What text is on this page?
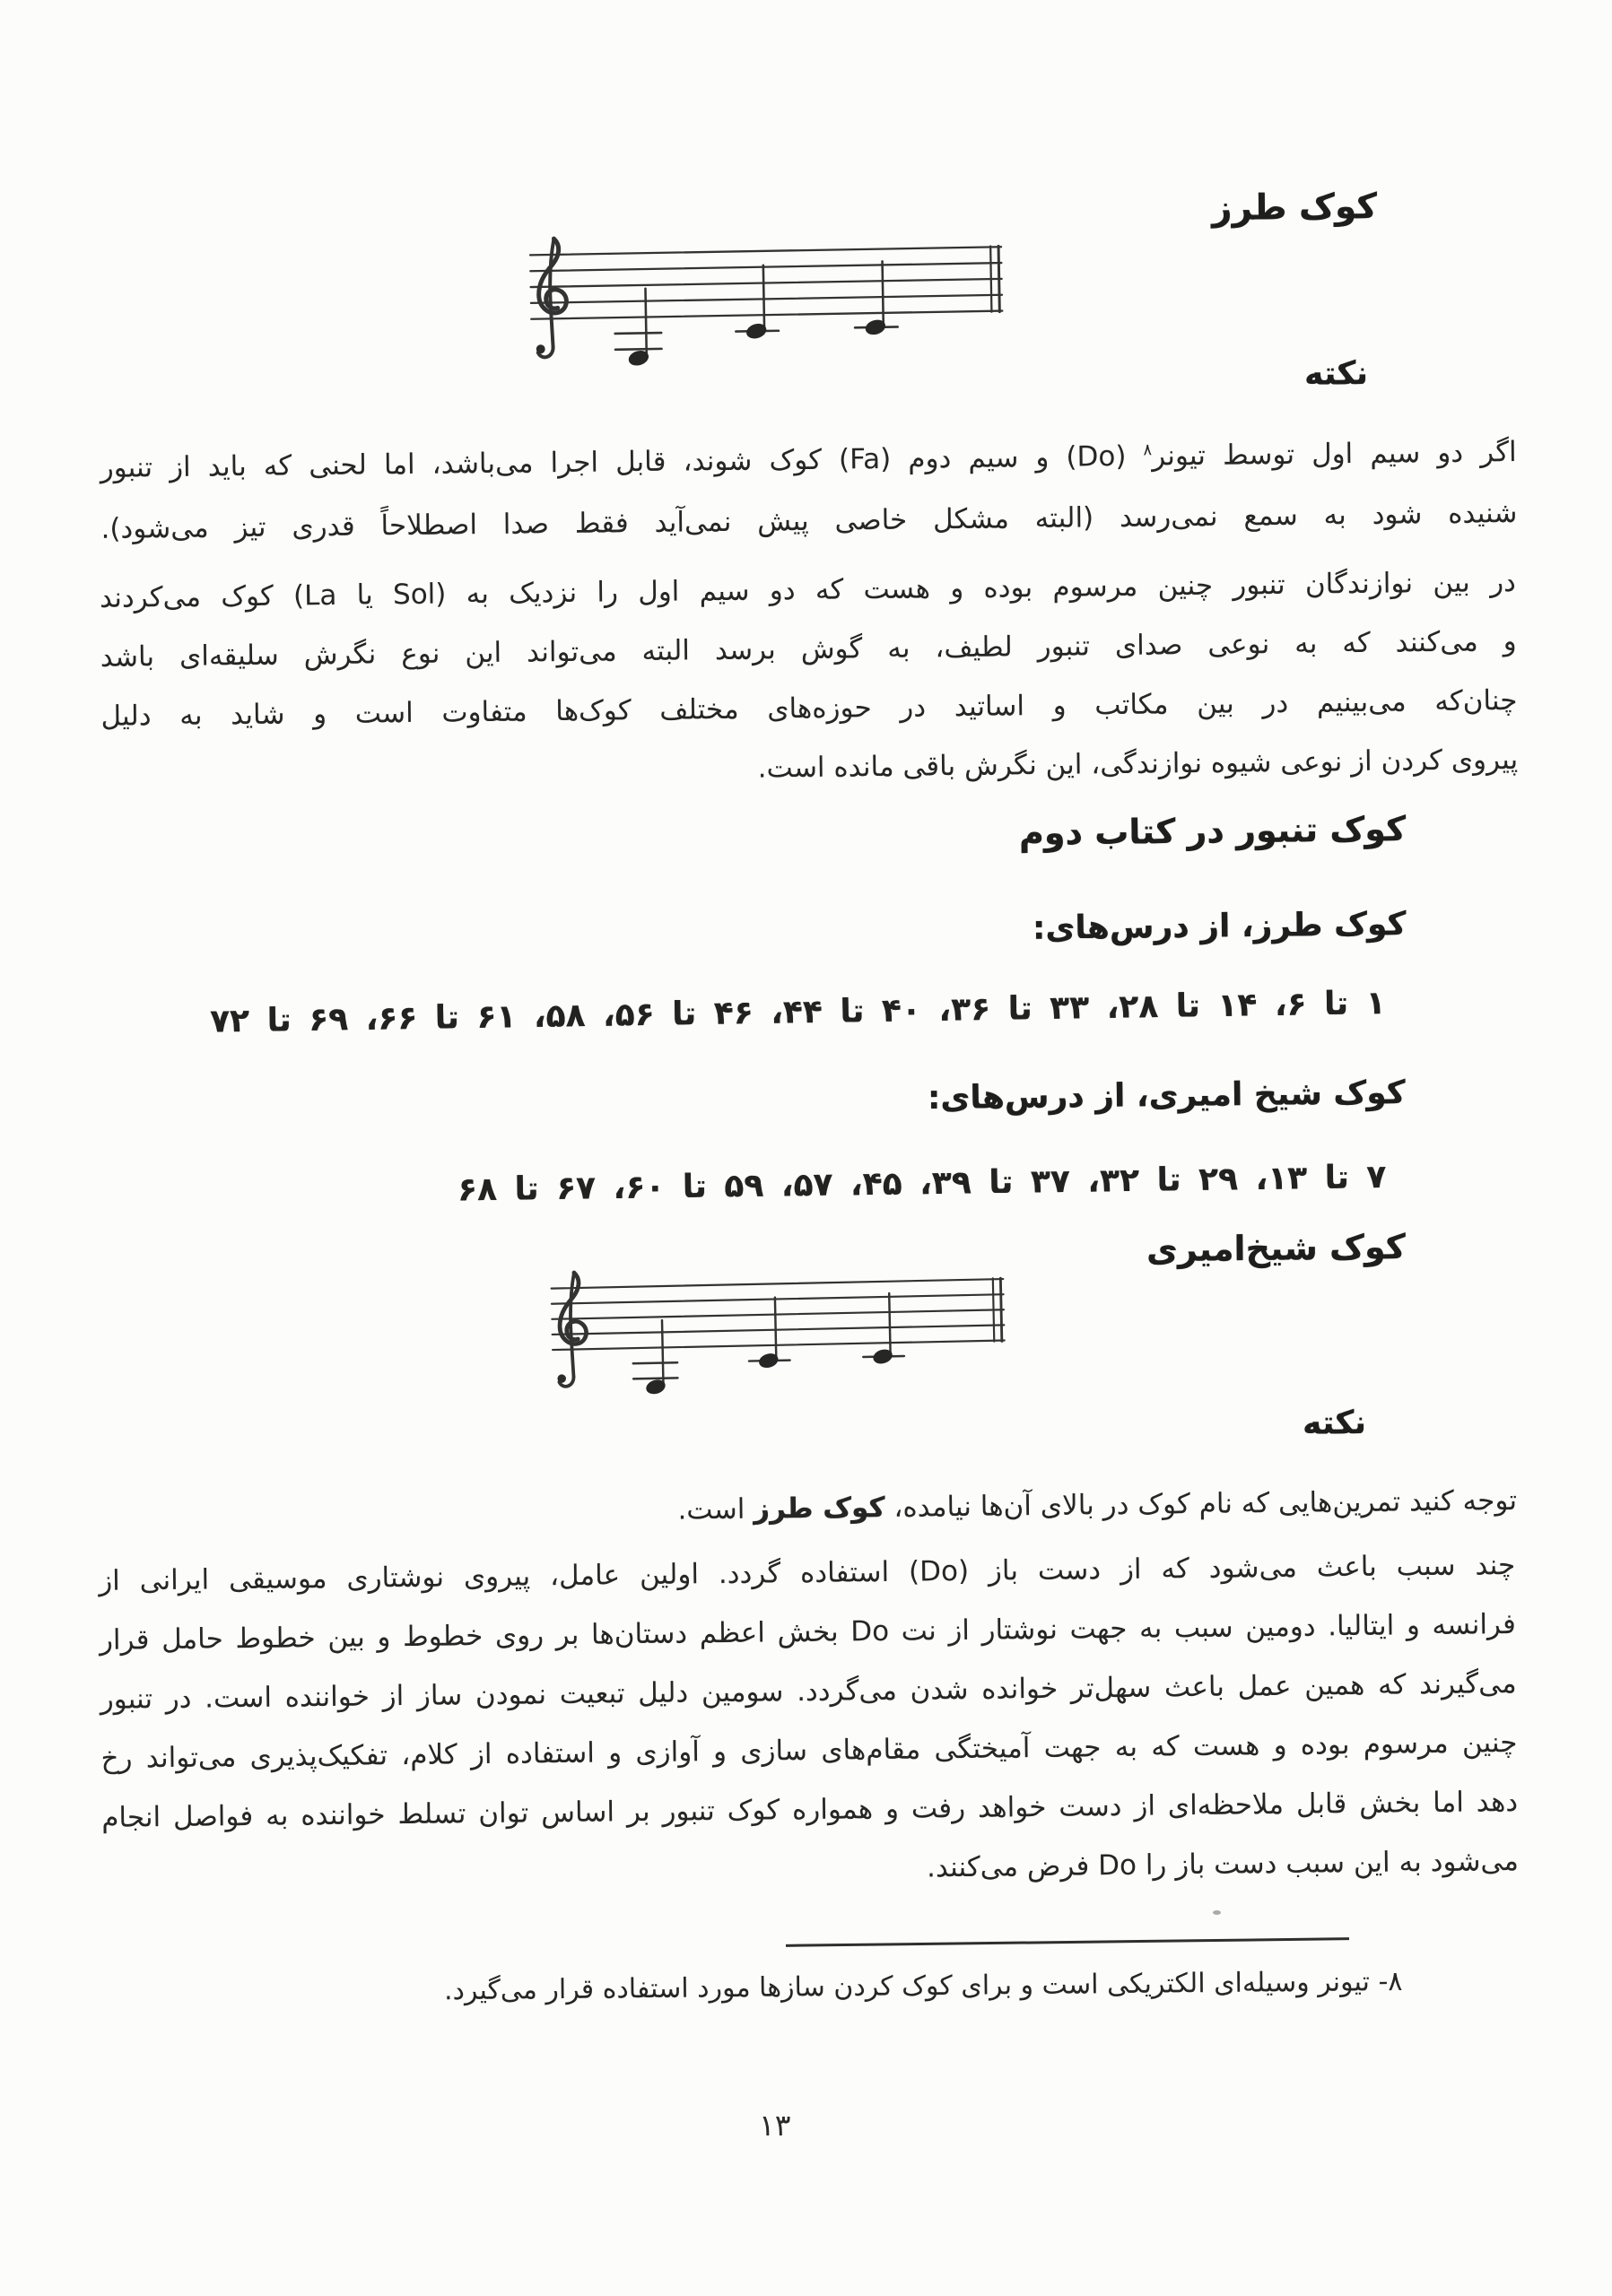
کوک طرز
نکته
اگر دو سیم اول توسط تیونر$^۸$ (Do) و سیم دوم (Fa) کوک شوند، قابل اجرا می‌باشد، اما لحنی که باید از تنبور
شنیده شود به سمع نمی‌رسد (البته مشکل خاصی پیش نمی‌آید فقط صدا اصطلاحاً قدری تیز می‌شود).
در بین نوازندگان تنبور چنین مرسوم بوده و هست که دو سیم اول را نزدیک به (Sol یا La) کوک می‌کردند
و می‌کنند که به نوعی صدای تنبور لطیف، به گوش برسد البته می‌تواند این نوع نگرش سلیقه‌ای باشد
چنان‌که می‌بینیم در بین مکاتب و اساتید در حوزه‌های مختلف کوک‌ها متفاوت است و شاید به دلیل
پیروی کردن از نوعی شیوه نوازندگی، این نگرش باقی مانده است.
کوک تنبور در کتاب دوم
کوک طرز، از درس‌های:
۱ تا ۶، ۱۴ تا ۲۸، ۳۳ تا ۳۶، ۴۰ تا ۴۴، ۴۶ تا ۵۶، ۵۸، ۶۱ تا ۶۶، ۶۹ تا ۷۲
کوک شیخ امیری، از درس‌های:
۷ تا ۱۳، ۲۹ تا ۳۲، ۳۷ تا ۳۹، ۴۵، ۵۷، ۵۹ تا ۶۰، ۶۷ تا ۶۸
کوک شیخ‌امیری
نکته
توجه کنید تمرین‌هایی که نام کوک در بالای آن‌ها نیامده، کوک طرز است.
چند سبب باعث می‌شود که از دست باز (Do) استفاده گردد. اولین عامل، پیروی نوشتاری موسیقی ایرانی از
فرانسه و ایتالیا. دومین سبب به جهت نوشتار از نت Do بخش اعظم دستان‌ها بر روی خطوط و بین خطوط حامل قرار
می‌گیرند که همین عمل باعث سهل‌تر خوانده شدن می‌گردد. سومین دلیل تبعیت نمودن ساز از خواننده است. در تنبور
چنین مرسوم بوده و هست که به جهت آمیختگی مقام‌های سازی و آوازی و استفاده از کلام، تفکیک‌پذیری می‌تواند رخ
دهد اما بخش قابل ملاحظه‌ای از دست خواهد رفت و همواره کوک تنبور بر اساس توان تسلط خواننده به فواصل انجام
می‌شود به این سبب دست باز را Do فرض می‌کنند.
۸- تیونر وسیله‌ای الکتریکی است و برای کوک کردن سازها مورد استفاده قرار می‌گیرد.
۱۳
